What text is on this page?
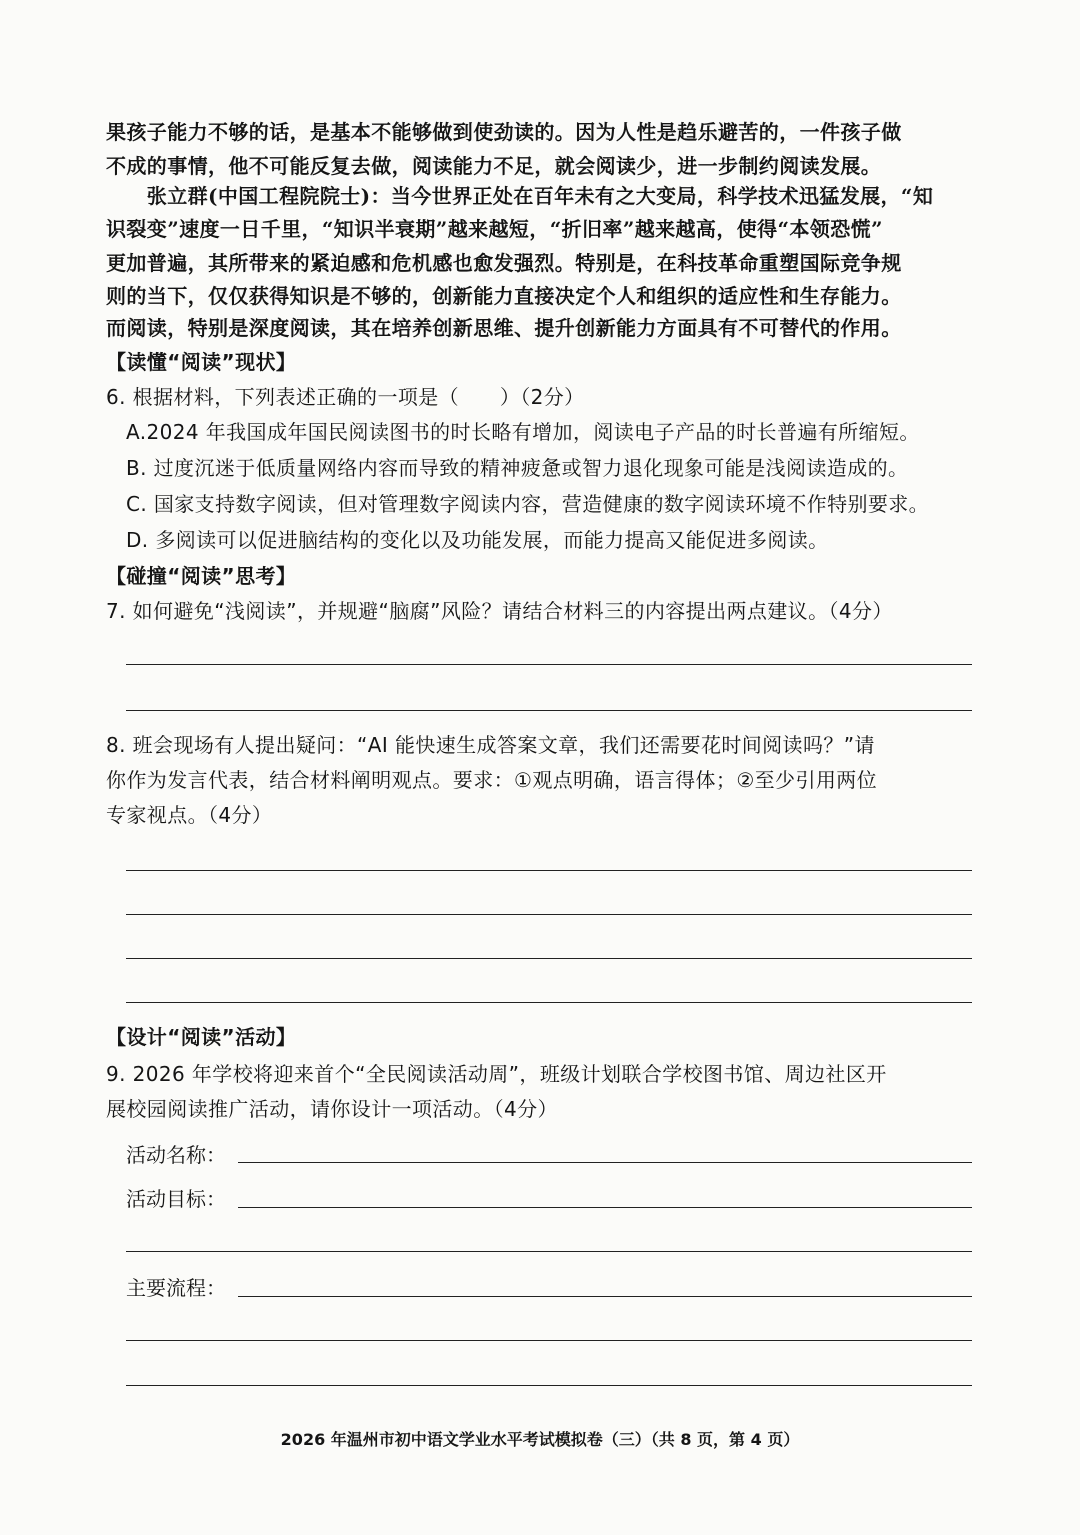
果孩子能力不够的话，是基本不能够做到使劲读的。因为人性是趋乐避苦的，一件孩子做
不成的事情，他不可能反复去做，阅读能力不足，就会阅读少，进一步制约阅读发展。
　　张立群(中国工程院院士)：当今世界正处在百年未有之大变局，科学技术迅猛发展，“知
识裂变”速度一日千里，“知识半衰期”越来越短，“折旧率”越来越高，使得“本领恐慌”
更加普遍，其所带来的紧迫感和危机感也愈发强烈。特别是，在科技革命重塑国际竞争规
则的当下，仅仅获得知识是不够的，创新能力直接决定个人和组织的适应性和生存能力。
而阅读，特别是深度阅读，其在培养创新思维、提升创新能力方面具有不可替代的作用。
【读懂“阅读”现状】
6. 根据材料，下列表述正确的一项是（　　）（2分）
A.2024 年我国成年国民阅读图书的时长略有增加，阅读电子产品的时长普遍有所缩短。
B. 过度沉迷于低质量网络内容而导致的精神疲惫或智力退化现象可能是浅阅读造成的。
C. 国家支持数字阅读，但对管理数字阅读内容，营造健康的数字阅读环境不作特别要求。
D. 多阅读可以促进脑结构的变化以及功能发展，而能力提高又能促进多阅读。
【碰撞“阅读”思考】
7. 如何避免“浅阅读”，并规避“脑腐”风险？请结合材料三的内容提出两点建议。（4分）
8. 班会现场有人提出疑问：“AI 能快速生成答案文章，我们还需要花时间阅读吗？”请
你作为发言代表，结合材料阐明观点。要求：①观点明确，语言得体；②至少引用两位
专家视点。（4分）
【设计“阅读”活动】
9. 2026 年学校将迎来首个“全民阅读活动周”，班级计划联合学校图书馆、周边社区开
展校园阅读推广活动，请你设计一项活动。（4分）
活动名称：
活动目标：
主要流程：
2026 年温州市初中语文学业水平考试模拟卷（三）（共 8 页，第 4 页）
